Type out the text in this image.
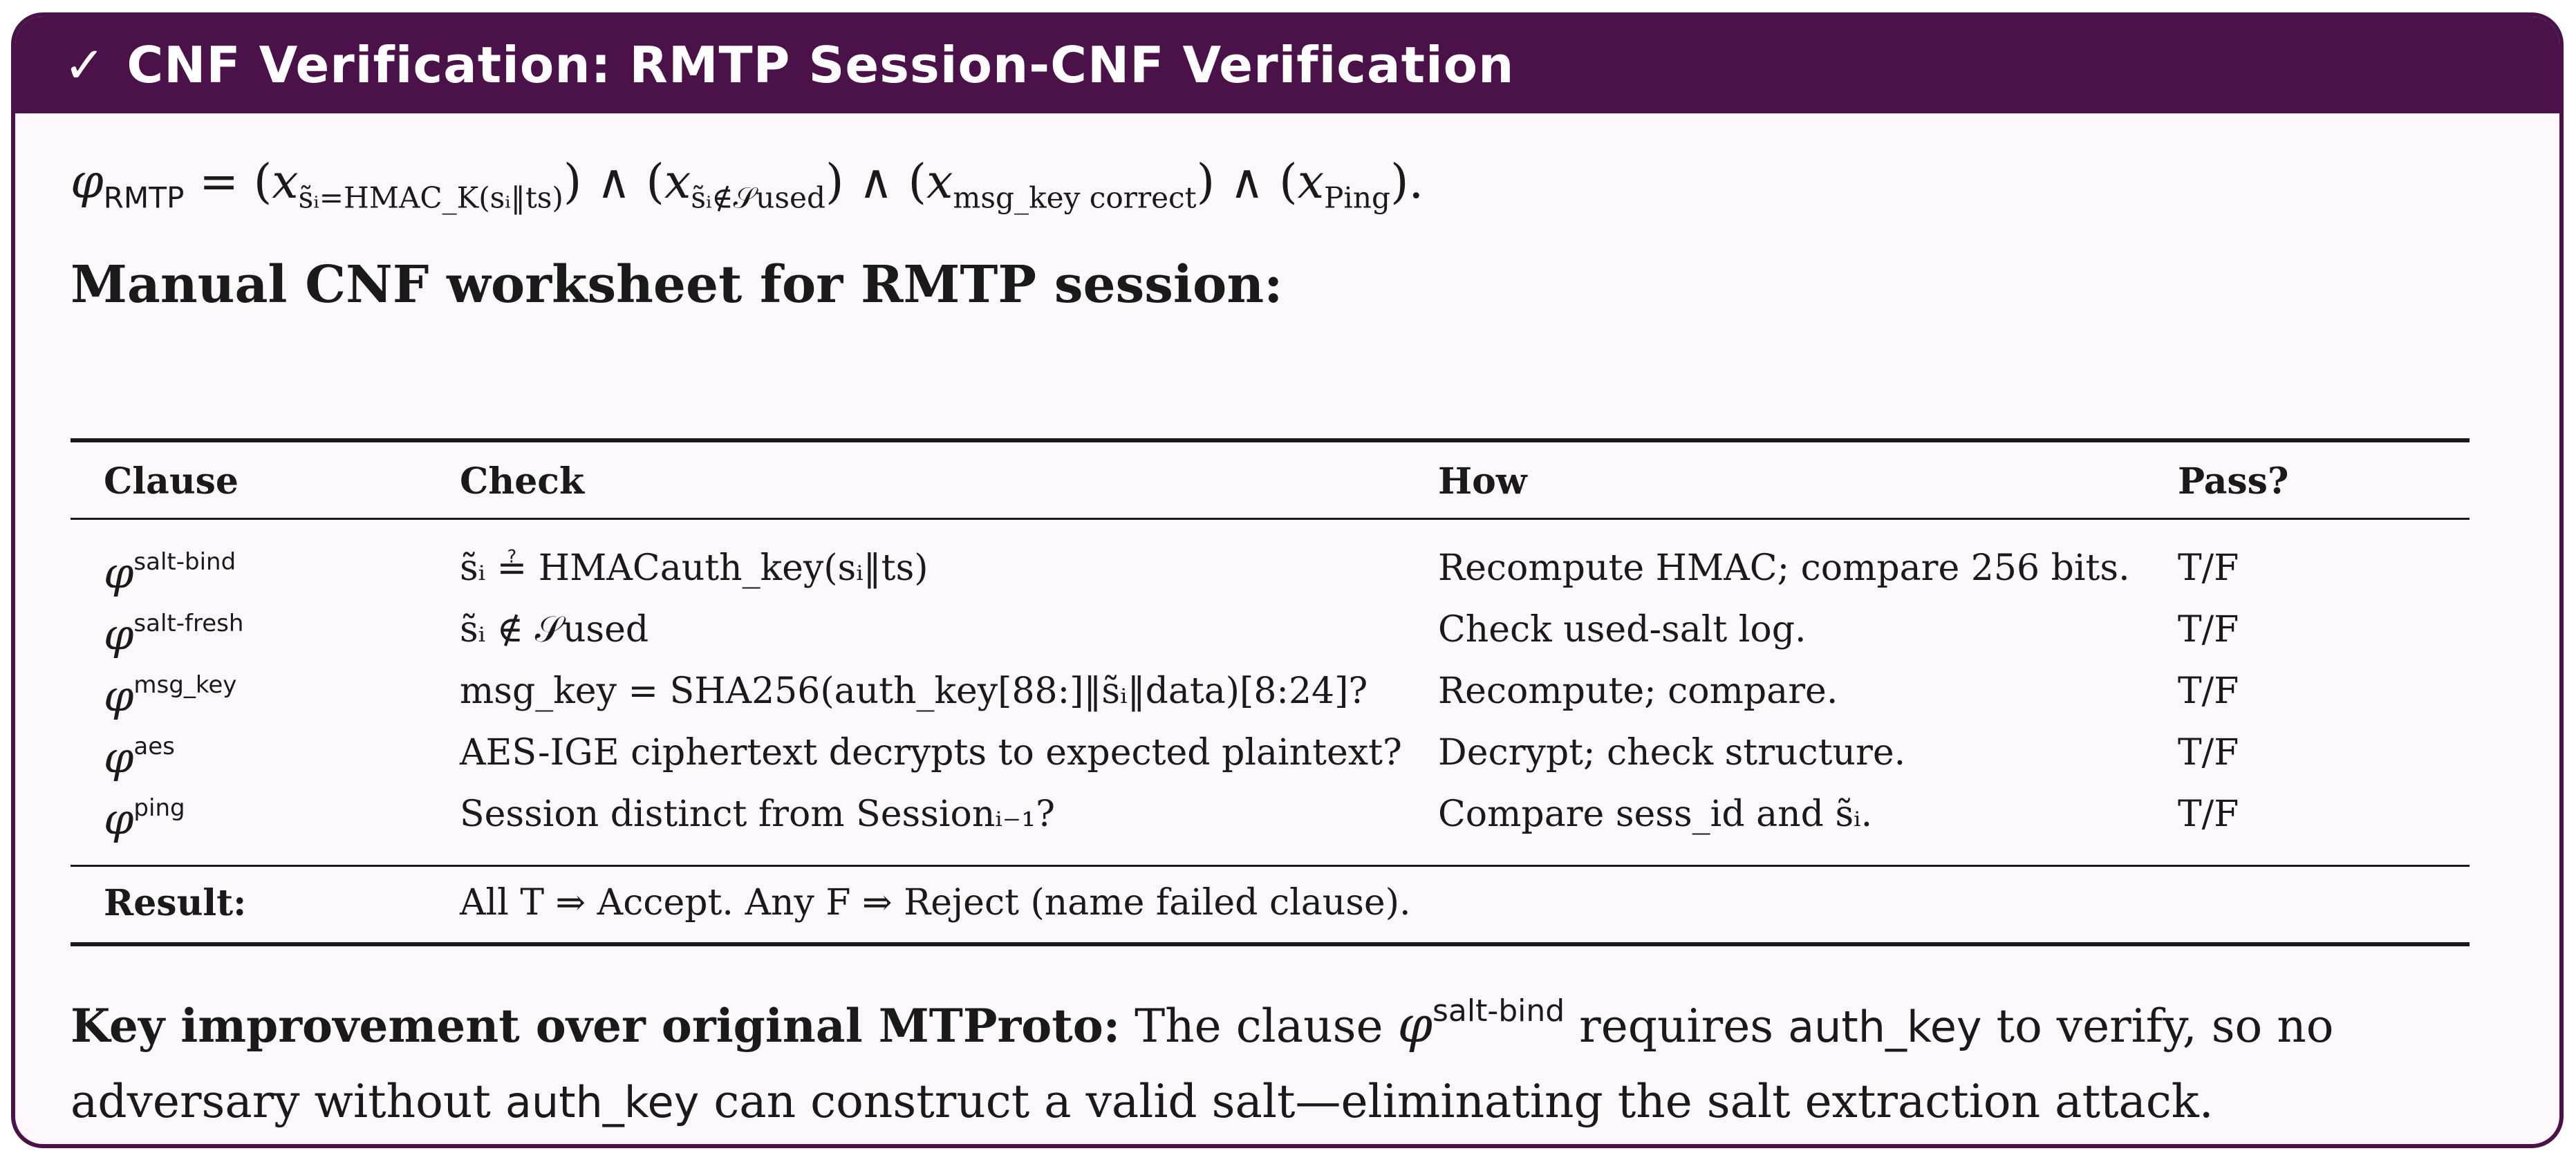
✓ CNF Verification: RMTP Session-CNF Verification
$\varphi_{RMTP} = (x_{s̃ᵢ=HMAC\_K(sᵢ‖ts)})$ ∧ $(x_{s̃ᵢ\notin 𝒮used})$ ∧ $(x_{msg\_key correct})$ ∧ $(x_{Ping})$.
Manual CNF worksheet for RMTP session:
Clause	Check	How	Pass?
$\varphi^{salt-bind}$	s̃ᵢ ≟ HMACauth_key(sᵢ‖ts)	Recompute HMAC; compare 256 bits.	T/F
$\varphi^{salt-fresh}$	s̃ᵢ ∉ 𝒮used	Check used-salt log.	T/F
$\varphi^{msg\_key}$	msg_key = SHA256(auth_key[88:]‖s̃ᵢ‖data)[8:24]?	Recompute; compare.	T/F
$\varphi^{aes}$	AES-IGE ciphertext decrypts to expected plaintext?	Decrypt; check structure.	T/F
$\varphi^{ping}$	Session distinct from Sessionᵢ₋₁?	Compare sess_id and s̃ᵢ.	T/F
Result:	All T ⇒ Accept. Any F ⇒ Reject (name failed clause).		
Key improvement over original MTProto: The clause $\varphi^{salt-bind}$ requires auth_key to verify, so no adversary without auth_key can construct a valid salt—eliminating the salt extraction attack.
